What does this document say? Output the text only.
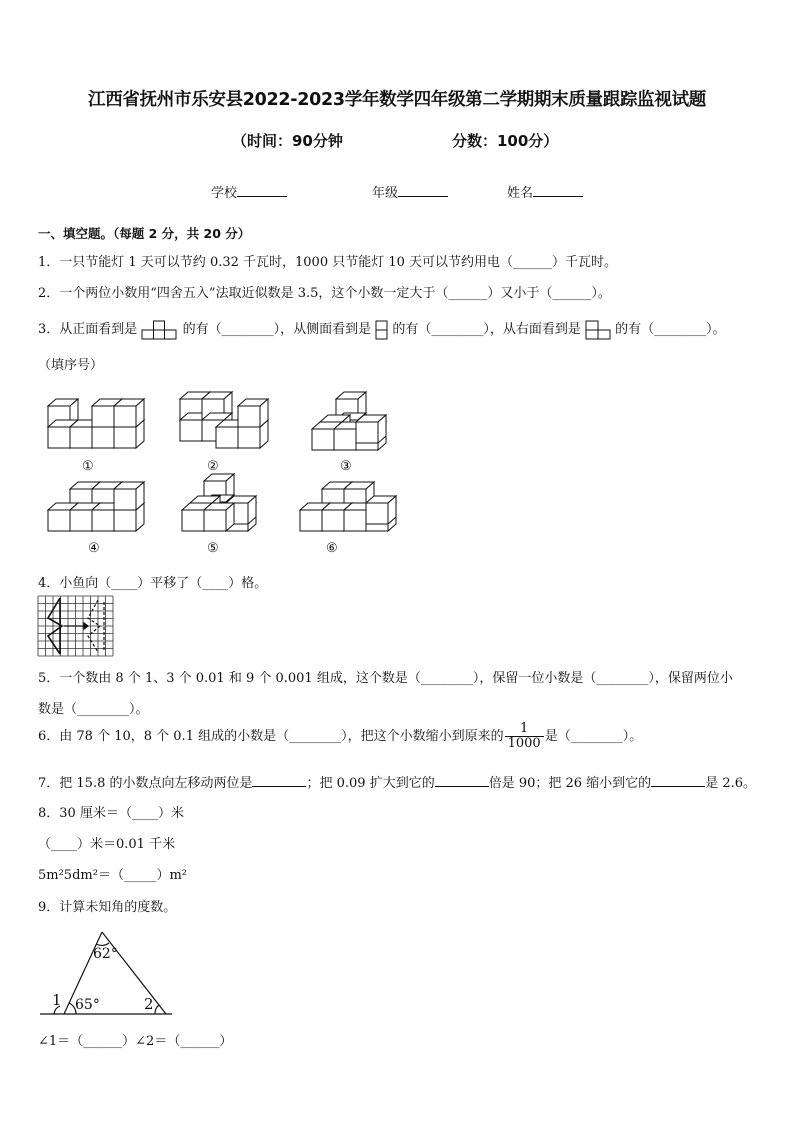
江西省抚州市乐安县2022-2023学年数学四年级第二学期期末质量跟踪监视试题
（时间：90分钟	分数：100分）
学校	年级	姓名
一、填空题。（每题 2 分，共 20 分）
1．一只节能灯 1 天可以节约 0.32 千瓦时，1000 只节能灯 10 天可以节约用电（______）千瓦时。
2．一个两位小数用“四舍五入”法取近似数是 3.5，这个小数一定大于（______）又小于（______）。
3．从正面看到是	的有（________），从侧面看到是 的有（________），从右面看到是	的有（________）。
（填序号）
①	②	③
④	⑤	⑥
4．小鱼向（____）平移了（____）格。
5．一个数由 8 个 1、3 个 0.01 和 9 个 0.001 组成，这个数是（________），保留一位小数是（________），保留两位小
数是（________）。
6．由 78 个 10，8 个 0.1 组成的小数是（________），把这个小数缩小到原来的 $\frac{1}{1000}$ 是（________）。
7．把 15.8 的小数点向左移动两位是	；把 0.09 扩大到它的	倍是 90；把 26 缩小到它的	是 2.6。
8．30 厘米＝（____）米
（____）米＝0.01 千米
5m²5dm²＝（_____）m²
9．计算未知角的度数。
62°
65°
1	2
∠1＝（______）∠2＝（______）
